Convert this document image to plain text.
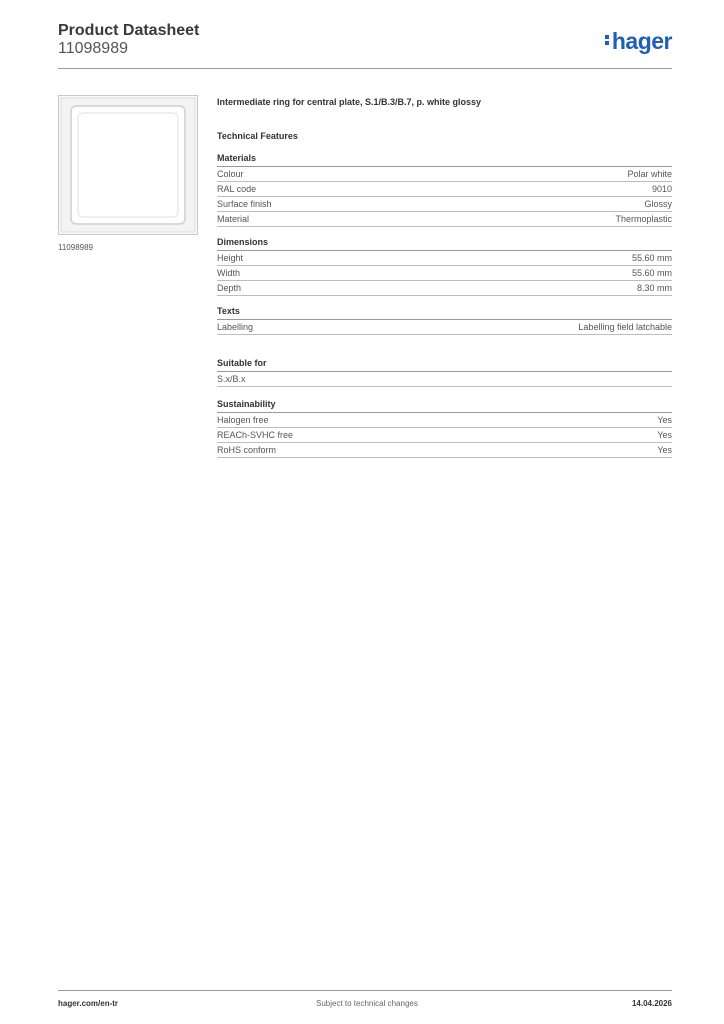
Product Datasheet
11098989	hager
11098989
Intermediate ring for central plate, S.1/B.3/B.7, p. white glossy
Technical Features
Materials
Colour	Polar white
RAL code	9010
Surface finish	Glossy
Material	Thermoplastic
Dimensions
Height	55.60 mm
Width	55.60 mm
Depth	8.30 mm
Texts
Labelling	Labelling field latchable
Suitable for
S.x/B.x
Sustainability
Halogen free	Yes
REACh-SVHC free	Yes
RoHS conform	Yes
hager.com/en-tr	Subject to technical changes	14.04.2026
